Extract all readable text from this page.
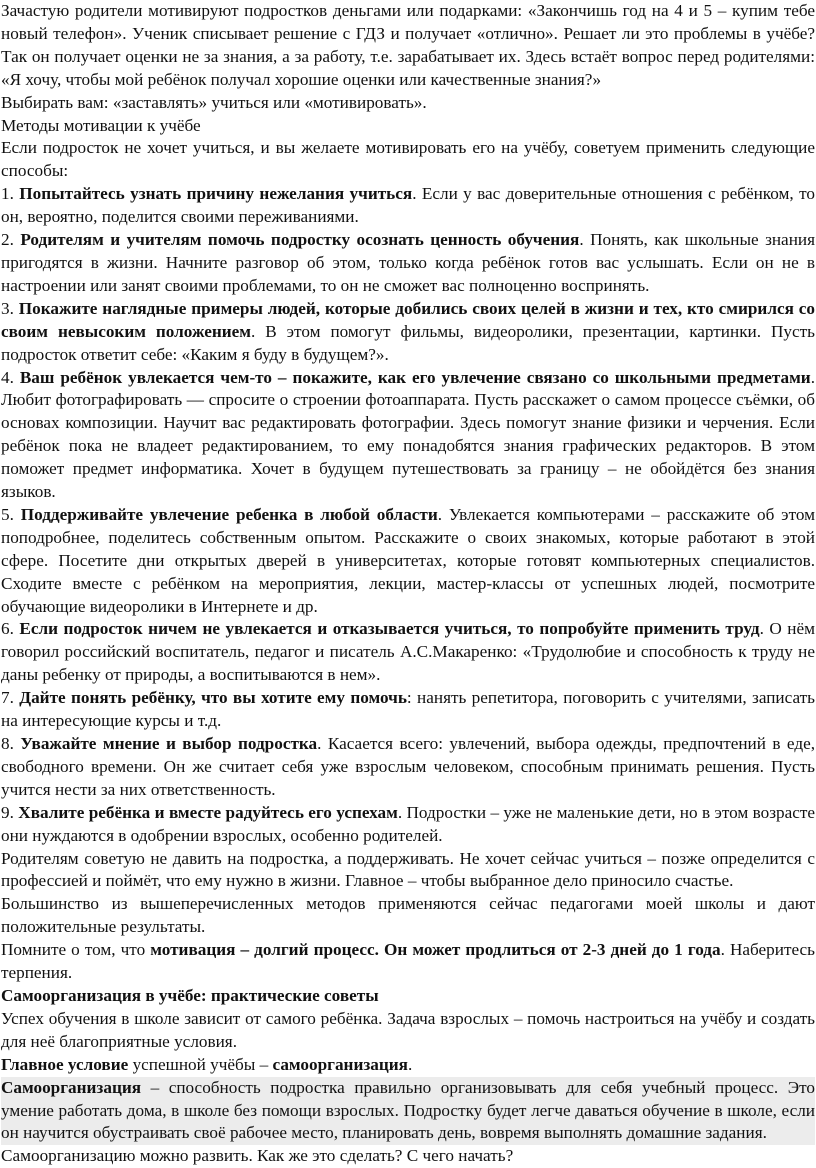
Зачастую родители мотивируют подростков деньгами или подарками: «Закончишь год на 4 и 5 – купим тебе новый телефон». Ученик списывает решение с ГДЗ и получает «отлично». Решает ли это проблемы в учёбе? Так он получает оценки не за знания, а за работу, т.е. зарабатывает их. Здесь встаёт вопрос перед родителями: «Я хочу, чтобы мой ребёнок получал хорошие оценки или качественные знания?»

Выбирать вам: «заставлять» учиться или «мотивировать».

Методы мотивации к учёбе

Если подросток не хочет учиться, и вы желаете мотивировать его на учёбу, советуем применить следующие способы:

1. Попытайтесь узнать причину нежелания учиться. Если у вас доверительные отношения с ребёнком, то он, вероятно, поделится своими переживаниями.

2. Родителям и учителям помочь подростку осознать ценность обучения. Понять, как школьные знания пригодятся в жизни. Начните разговор об этом, только когда ребёнок готов вас услышать. Если он не в настроении или занят своими проблемами, то он не сможет вас полноценно воспринять.

3. Покажите наглядные примеры людей, которые добились своих целей в жизни и тех, кто смирился со своим невысоким положением. В этом помогут фильмы, видеоролики, презентации, картинки. Пусть подросток ответит себе: «Каким я буду в будущем?».

4. Ваш ребёнок увлекается чем-то – покажите, как его увлечение связано со школьными предметами. Любит фотографировать — спросите о строении фотоаппарата. Пусть расскажет о самом процессе съёмки, об основах композиции. Научит вас редактировать фотографии. Здесь помогут знание физики и черчения. Если ребёнок пока не владеет редактированием, то ему понадобятся знания графических редакторов. В этом поможет предмет информатика. Хочет в будущем путешествовать за границу – не обойдётся без знания языков.

5. Поддерживайте увлечение ребенка в любой области. Увлекается компьютерами – расскажите об этом поподробнее, поделитесь собственным опытом. Расскажите о своих знакомых, которые работают в этой сфере. Посетите дни открытых дверей в университетах, которые готовят компьютерных специалистов. Сходите вместе с ребёнком на мероприятия, лекции, мастер-классы от успешных людей, посмотрите обучающие видеоролики в Интернете и др.

6. Если подросток ничем не увлекается и отказывается учиться, то попробуйте применить труд. О нём говорил российский воспитатель, педагог и писатель А.С.Макаренко: «Трудолюбие и способность к труду не даны ребенку от природы, а воспитываются в нем».

7. Дайте понять ребёнку, что вы хотите ему помочь: нанять репетитора, поговорить с учителями, записать на интересующие курсы и т.д.

8. Уважайте мнение и выбор подростка. Касается всего: увлечений, выбора одежды, предпочтений в еде, свободного времени. Он же считает себя уже взрослым человеком, способным принимать решения. Пусть учится нести за них ответственность.

9. Хвалите ребёнка и вместе радуйтесь его успехам. Подростки – уже не маленькие дети, но в этом возрасте они нуждаются в одобрении взрослых, особенно родителей.

Родителям советую не давить на подростка, а поддерживать. Не хочет сейчас учиться – позже определится с профессией и поймёт, что ему нужно в жизни. Главное – чтобы выбранное дело приносило счастье.

Большинство из вышеперечисленных методов применяются сейчас педагогами моей школы и дают положительные результаты.

Помните о том, что мотивация – долгий процесс. Он может продлиться от 2-3 дней до 1 года. Наберитесь терпения.

Самоорганизация в учёбе: практические советы

Успех обучения в школе зависит от самого ребёнка. Задача взрослых – помочь настроиться на учёбу и создать для неё благоприятные условия.

Главное условие успешной учёбы – самоорганизация.

Самоорганизация – способность подростка правильно организовывать для себя учебный процесс. Это умение работать дома, в школе без помощи взрослых. Подростку будет легче даваться обучение в школе, если он научится обустраивать своё рабочее место, планировать день, вовремя выполнять домашние задания.

Самоорганизацию можно развить. Как же это сделать? С чего начать?
